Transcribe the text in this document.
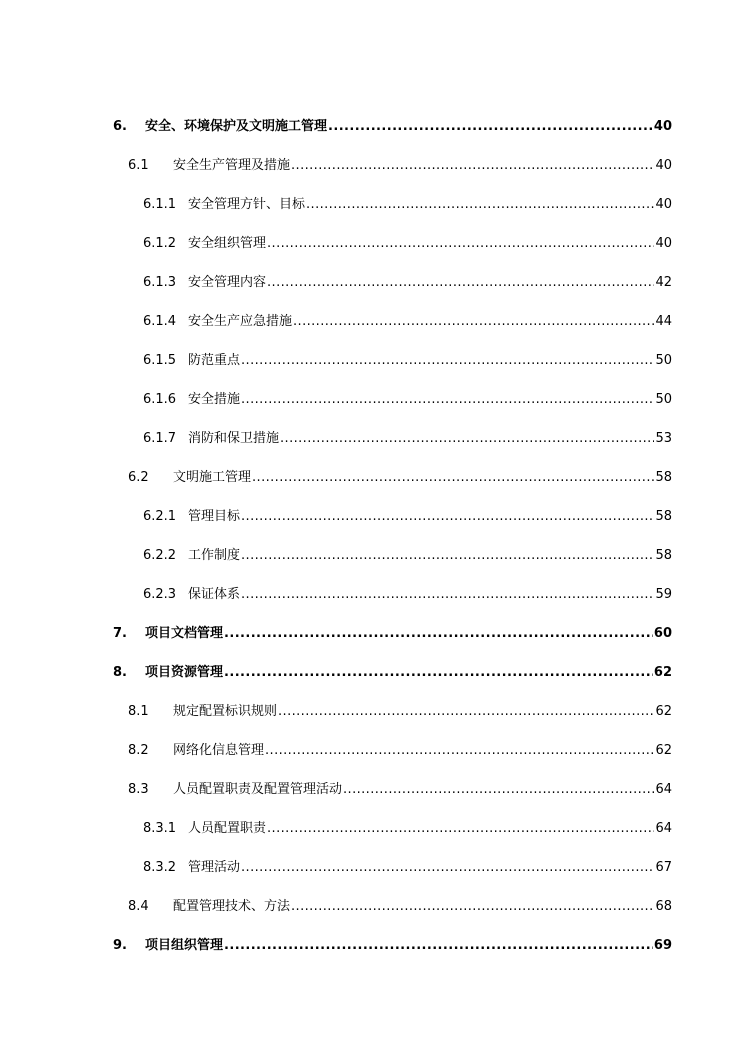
6. 安全、环境保护及文明施工管理 .....	40
6.1 安全生产管理及措施 .....	40
6.1.1 安全管理方针、目标 .....	40
6.1.2 安全组织管理 .....	40
6.1.3 安全管理内容 .....	42
6.1.4 安全生产应急措施 .....	44
6.1.5 防范重点 .....	50
6.1.6 安全措施 .....	50
6.1.7 消防和保卫措施 .....	53
6.2 文明施工管理 .....	58
6.2.1 管理目标 .....	58
6.2.2 工作制度 .....	58
6.2.3 保证体系 .....	59
7. 项目文档管理 .....	60
8. 项目资源管理 .....	62
8.1 规定配置标识规则 .....	62
8.2 网络化信息管理 .....	62
8.3 人员配置职责及配置管理活动 .....	64
8.3.1 人员配置职责 .....	64
8.3.2 管理活动 .....	67
8.4 配置管理技术、方法 .....	68
9. 项目组织管理 .....	69
